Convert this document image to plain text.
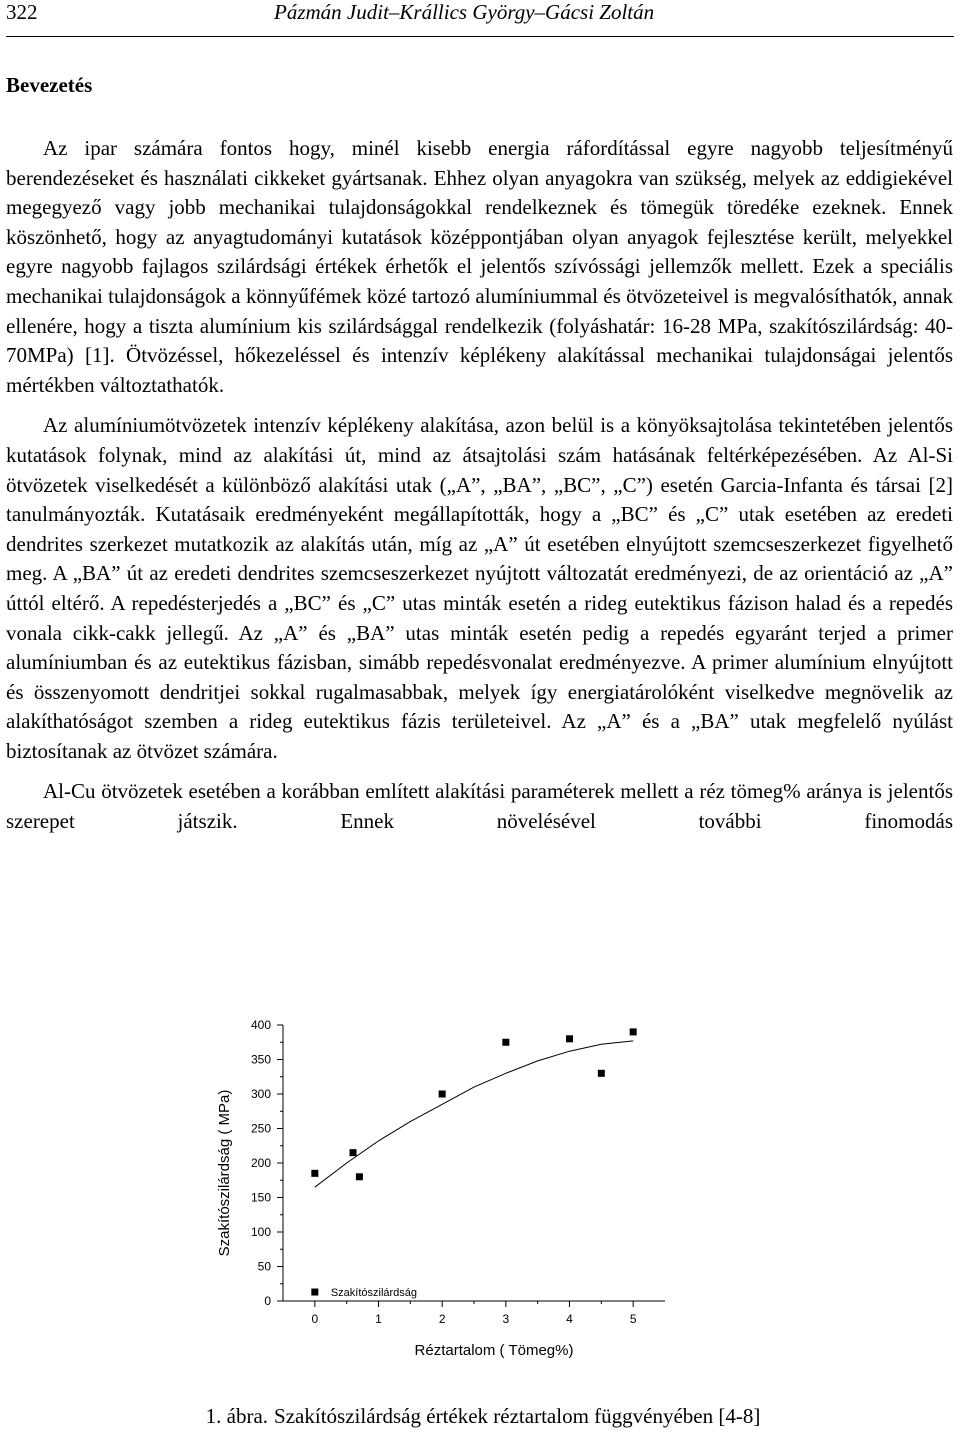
322	Pázmán Judit–Krállics György–Gácsi Zoltán
Bevezetés

Az ipar számára fontos hogy, minél kisebb energia ráfordítással egyre nagyobb teljesítményű berendezéseket és használati cikkeket gyártsanak. Ehhez olyan anyagokra van szükség, melyek az eddigiekével megegyező vagy jobb mechanikai tulajdonságokkal rendelkeznek és tömegük töredéke ezeknek. Ennek köszönhető, hogy az anyagtudományi kutatások középpontjában olyan anyagok fejlesztése került, melyekkel egyre nagyobb fajlagos szilárdsági értékek érhetők el jelentős szívóssági jellemzők mellett. Ezek a speciális mechanikai tulajdonságok a könnyűfémek közé tartozó alumíniummal és ötvözeteivel is megvalósíthatók, annak ellenére, hogy a tiszta alumínium kis szilárdsággal rendelkezik (folyáshatár: 16-28 MPa, szakítószilárdság: 40-70MPa) [1]. Ötvözéssel, hőkezeléssel és intenzív képlékeny alakítással mechanikai tulajdonságai jelentős mértékben változtathatók.

Az alumíniumötvözetek intenzív képlékeny alakítása, azon belül is a könyöksajtolása tekintetében jelentős kutatások folynak, mind az alakítási út, mind az átsajtolási szám hatásának feltérképezésében. Az Al-Si ötvözetek viselkedését a különböző alakítási utak („A”, „BA”, „BC”, „C”) esetén Garcia-Infanta és társai [2] tanulmányozták. Kutatásaik eredményeként megállapították, hogy a „BC” és „C” utak esetében az eredeti dendrites szerkezet mutatkozik az alakítás után, míg az „A” út esetében elnyújtott szemcseszerkezet figyelhető meg. A „BA” út az eredeti dendrites szemcseszerkezet nyújtott változatát eredményezi, de az orientáció az „A” úttól eltérő. A repedésterjedés a „BC” és „C” utas minták esetén a rideg eutektikus fázison halad és a repedés vonala cikk-cakk jellegű. Az „A” és „BA” utas minták esetén pedig a repedés egyaránt terjed a primer alumíniumban és az eutektikus fázisban, simább repedésvonalat eredményezve. A primer alumínium elnyújtott és összenyomott dendritjei sokkal rugalmasabbak, melyek így energiatárolóként viselkedve megnövelik az alakíthatóságot szemben a rideg eutektikus fázis területeivel. Az „A” és a „BA” utak megfelelő nyúlást biztosítanak az ötvözet számára.

Al-Cu ötvözetek esetében a korábban említett alakítási paraméterek mellett a réz tömeg% aránya is jelentős szerepet játszik. Ennek növelésével további finomodás

0
50
100
150
200
250
300
350
400
0	1	2	3	4	5
Réztartalom ( Tömeg%)
Szakítószilárdság ( MPa)
Szakítószilárdság
1. ábra. Szakítószilárdság értékek réztartalom függvényében [4-8]
